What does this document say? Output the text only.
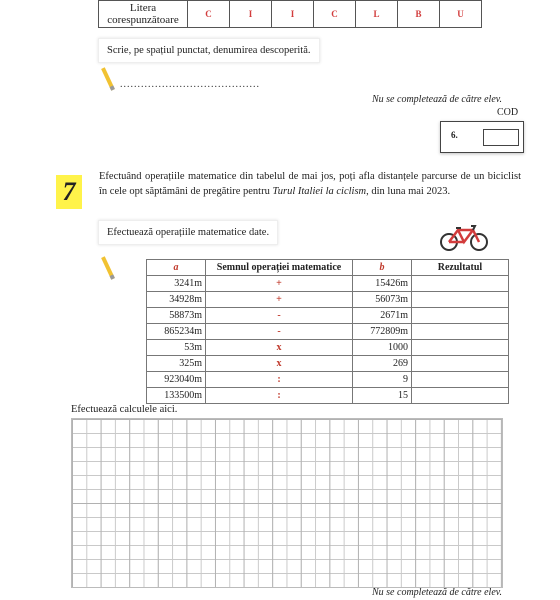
Litera
corespunzătoare	C	I	I	C	L	B	U
Scrie, pe spațiul punctat, denumirea descoperită.
........................................
Nu se completează de către elev.
COD
6.
7
Efectuând operațiile matematice din tabelul de mai jos, poți afla distanțele parcurse de un biciclist în cele opt săptămâni de pregătire pentru Turul Italiei la ciclism, din luna mai 2023.
Efectuează operațiile matematice date.
a	Semnul operației matematice	b	Rezultatul
3241m	+	15426m	
34928m	+	56073m	
58873m	-	2671m	
865234m	-	772809m	
53m	x	1000	
325m	x	269	
923040m	:	9	
133500m	:	15	
Efectuează calculele aici.
Nu se completează de către elev.
